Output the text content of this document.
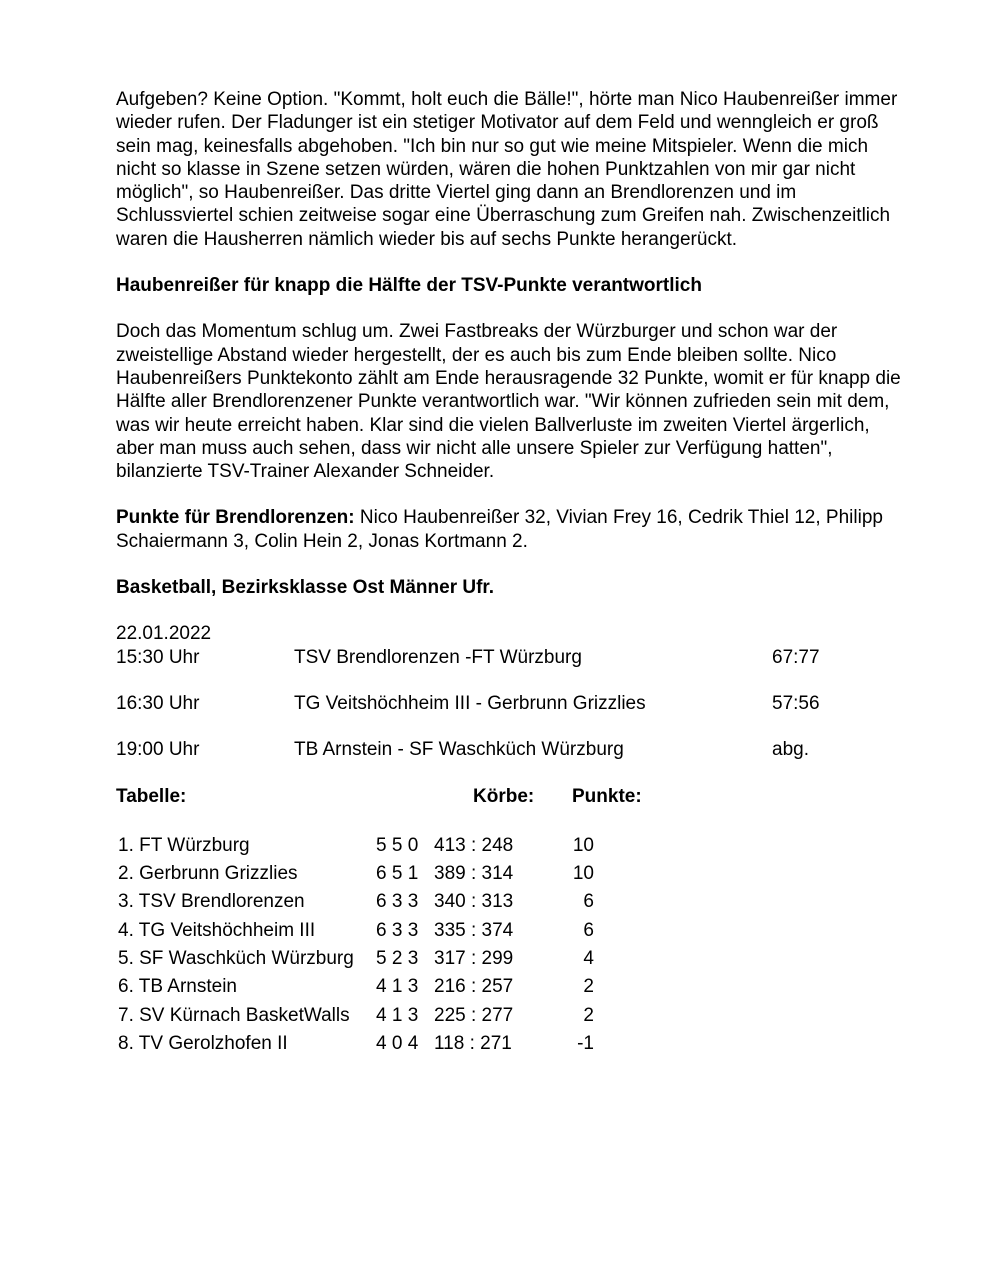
Aufgeben? Keine Option. "Kommt, holt euch die Bälle!", hörte man Nico Haubenreißer immer wieder rufen. Der Fladunger ist ein stetiger Motivator auf dem Feld und wenngleich er groß sein mag, keinesfalls abgehoben. "Ich bin nur so gut wie meine Mitspieler. Wenn die mich nicht so klasse in Szene setzen würden, wären die hohen Punktzahlen von mir gar nicht möglich", so Haubenreißer. Das dritte Viertel ging dann an Brendlorenzen und im Schlussviertel schien zeitweise sogar eine Überraschung zum Greifen nah. Zwischenzeitlich waren die Hausherren nämlich wieder bis auf sechs Punkte herangerückt.

Haubenreißer für knapp die Hälfte der TSV-Punkte verantwortlich

Doch das Momentum schlug um. Zwei Fastbreaks der Würzburger und schon war der zweistellige Abstand wieder hergestellt, der es auch bis zum Ende bleiben sollte. Nico Haubenreißers Punktekonto zählt am Ende herausragende 32 Punkte, womit er für knapp die Hälfte aller Brendlorenzener Punkte verantwortlich war. "Wir können zufrieden sein mit dem, was wir heute erreicht haben. Klar sind die vielen Ballverluste im zweiten Viertel ärgerlich, aber man muss auch sehen, dass wir nicht alle unsere Spieler zur Verfügung hatten", bilanzierte TSV-Trainer Alexander Schneider.

Punkte für Brendlorenzen: Nico Haubenreißer 32, Vivian Frey 16, Cedrik Thiel 12, Philipp Schaiermann 3, Colin Hein 2, Jonas Kortmann 2.

Basketball, Bezirksklasse Ost Männer Ufr.

22.01.2022

15:30 Uhr	TSV Brendlorenzen -FT Würzburg	67:77
16:30 Uhr	TG Veitshöchheim III - Gerbrunn Grizzlies	57:56
19:00 Uhr	TB Arnstein - SF Waschküch Würzburg	abg.
Tabelle:	Körbe: Punkte:
1. FT Würzburg	5 5 0	413 : 248	10
2. Gerbrunn Grizzlies	6 5 1	389 : 314	10
3. TSV Brendlorenzen	6 3 3	340 : 313	6
4. TG Veitshöchheim III	6 3 3	335 : 374	6
5. SF Waschküch Würzburg	5 2 3	317 : 299	4
6. TB Arnstein	4 1 3	216 : 257	2
7. SV Kürnach BasketWalls	4 1 3	225 : 277	2
8. TV Gerolzhofen II	4 0 4	118 : 271	-1
